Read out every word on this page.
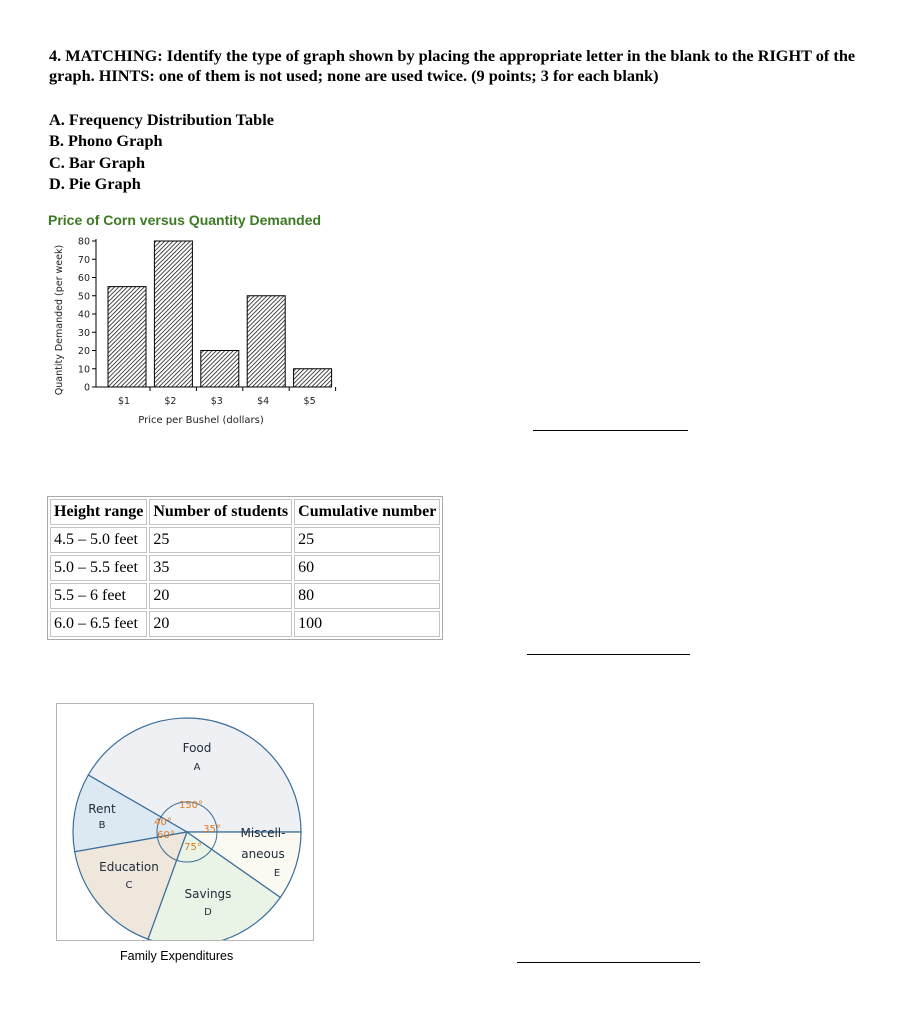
4. MATCHING: Identify the type of graph shown by placing the appropriate letter in the blank to the RIGHT of the graph. HINTS: one of them is not used; none are used twice. (9 points; 3 for each blank)

A. Frequency Distribution Table
B. Phono Graph
C. Bar Graph
D. Pie Graph

Price of Corn versus Quantity Demanded

0
10
20
30
40
50
60
70
80
$1	$2	$3	$4	$5
Price per Bushel (dollars)
Quantity Demanded (per week)
Height range	Number of students	Cumulative number
4.5 – 5.0 feet	25	25
5.0 – 5.5 feet	35	60
5.5 – 6 feet	20	80
6.0 – 6.5 feet	20	100
Food
A
Rent
B
Education
C
Savings
D
Miscell-
aneous
E
150°
40°
60°
75°
35°

Family Expenditures
